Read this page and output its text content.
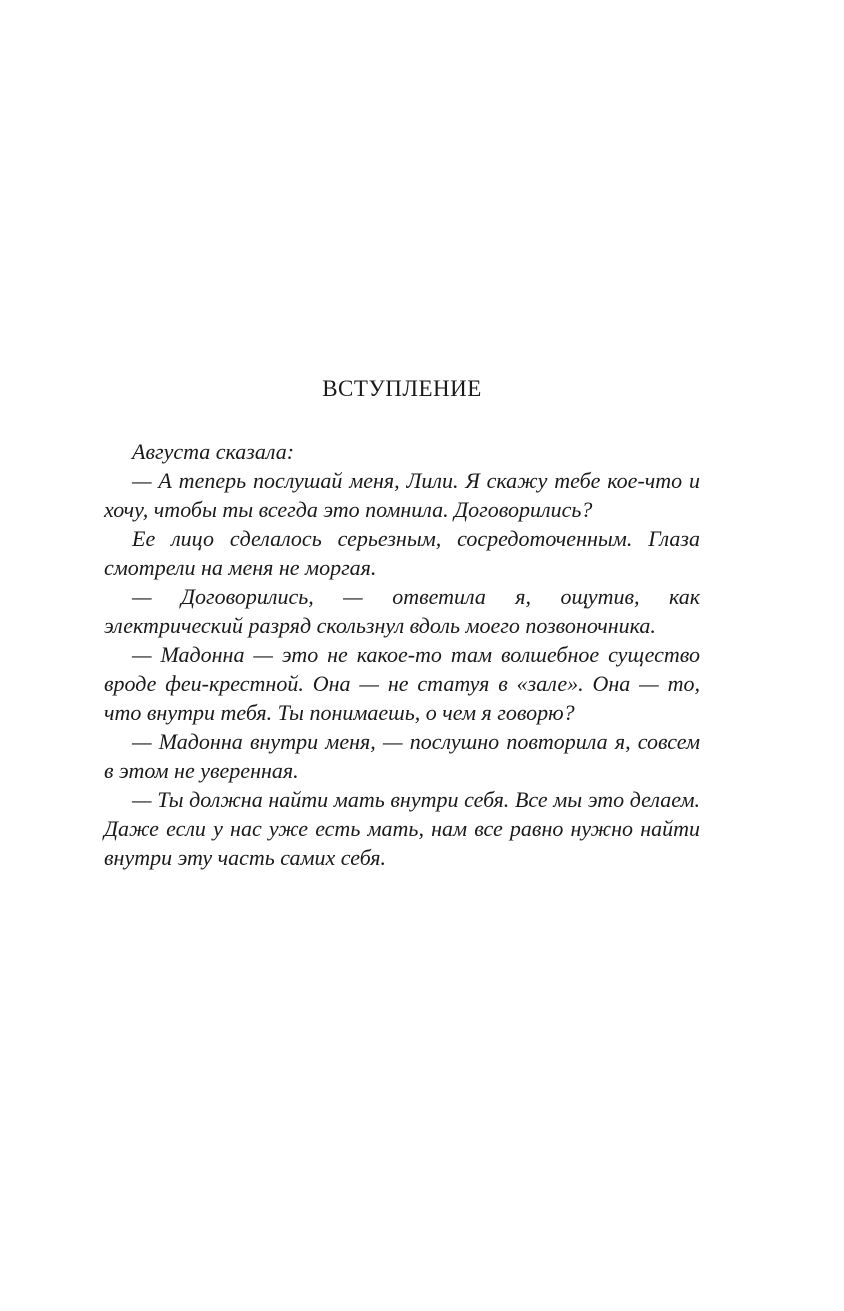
ВСТУПЛЕНИЕ

Августа сказала:

— А теперь послушай меня, Лили. Я скажу тебе кое-что и хочу, чтобы ты всегда это помнила. Договорились?

Ее лицо сделалось серьезным, сосредоточенным. Глаза смотрели на меня не моргая.

— Договорились, — ответила я, ощутив, как электрический разряд скользнул вдоль моего позвоночника.

— Мадонна — это не какое-то там волшебное существо вроде феи-крестной. Она — не статуя в «зале». Она — то, что внутри тебя. Ты понимаешь, о чем я говорю?

— Мадонна внутри меня, — послушно повторила я, совсем в этом не уверенная.

— Ты должна найти мать внутри себя. Все мы это делаем. Даже если у нас уже есть мать, нам все равно нужно найти внутри эту часть самих себя.
